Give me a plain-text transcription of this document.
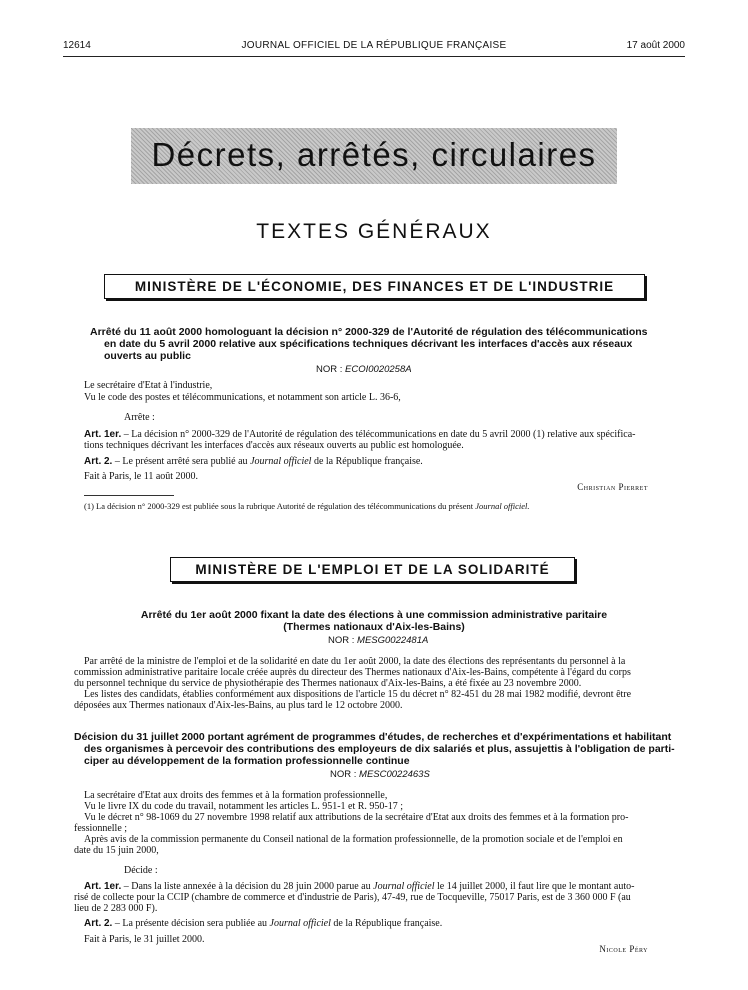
12614	JOURNAL OFFICIEL DE LA RÉPUBLIQUE FRANÇAISE	17 août 2000
Décrets, arrêtés, circulaires
TEXTES GÉNÉRAUX
MINISTÈRE DE L'ÉCONOMIE, DES FINANCES ET DE L'INDUSTRIE
Arrêté du 11 août 2000 homologuant la décision n° 2000-329 de l'Autorité de régulation des télécommunications
en date du 5 avril 2000 relative aux spécifications techniques décrivant les interfaces d'accès aux réseaux
ouverts au public
NOR : ECOI0020258A
Le secrétaire d'Etat à l'industrie,
Vu le code des postes et télécommunications, et notamment son article L. 36-6,
Arrête :
Art. 1er. – La décision n° 2000-329 de l'Autorité de régulation des télécommunications en date du 5 avril 2000 (1) relative aux spécifica-
tions techniques décrivant les interfaces d'accès aux réseaux ouverts au public est homologuée.
Art. 2. – Le présent arrêté sera publié au Journal officiel de la République française.
Fait à Paris, le 11 août 2000.
Christian Pierret
(1) La décision n° 2000-329 est publiée sous la rubrique Autorité de régulation des télécommunications du présent Journal officiel.
MINISTÈRE DE L'EMPLOI ET DE LA SOLIDARITÉ
Arrêté du 1er août 2000 fixant la date des élections à une commission administrative paritaire
(Thermes nationaux d'Aix-les-Bains)
NOR : MESG0022481A
Par arrêté de la ministre de l'emploi et de la solidarité en date du 1er août 2000, la date des élections des représentants du personnel à la
commission administrative paritaire locale créée auprès du directeur des Thermes nationaux d'Aix-les-Bains, compétente à l'égard du corps
du personnel technique du service de physiothérapie des Thermes nationaux d'Aix-les-Bains, a été fixée au 23 novembre 2000.
Les listes des candidats, établies conformément aux dispositions de l'article 15 du décret n° 82-451 du 28 mai 1982 modifié, devront être
déposées aux Thermes nationaux d'Aix-les-Bains, au plus tard le 12 octobre 2000.
Décision du 31 juillet 2000 portant agrément de programmes d'études, de recherches et d'expérimentations et habilitant
des organismes à percevoir des contributions des employeurs de dix salariés et plus, assujettis à l'obligation de parti-
ciper au développement de la formation professionnelle continue
NOR : MESC0022463S
La secrétaire d'Etat aux droits des femmes et à la formation professionnelle,
Vu le livre IX du code du travail, notamment les articles L. 951-1 et R. 950-17 ;
Vu le décret n° 98-1069 du 27 novembre 1998 relatif aux attributions de la secrétaire d'Etat aux droits des femmes et à la formation pro-
fessionnelle ;
Après avis de la commission permanente du Conseil national de la formation professionnelle, de la promotion sociale et de l'emploi en
date du 15 juin 2000,
Décide :
Art. 1er. – Dans la liste annexée à la décision du 28 juin 2000 parue au Journal officiel le 14 juillet 2000, il faut lire que le montant auto-
risé de collecte pour la CCIP (chambre de commerce et d'industrie de Paris), 47-49, rue de Tocqueville, 75017 Paris, est de 3 360 000 F (au
lieu de 2 283 000 F).
Art. 2. – La présente décision sera publiée au Journal officiel de la République française.
Fait à Paris, le 31 juillet 2000.
Nicole Péry
